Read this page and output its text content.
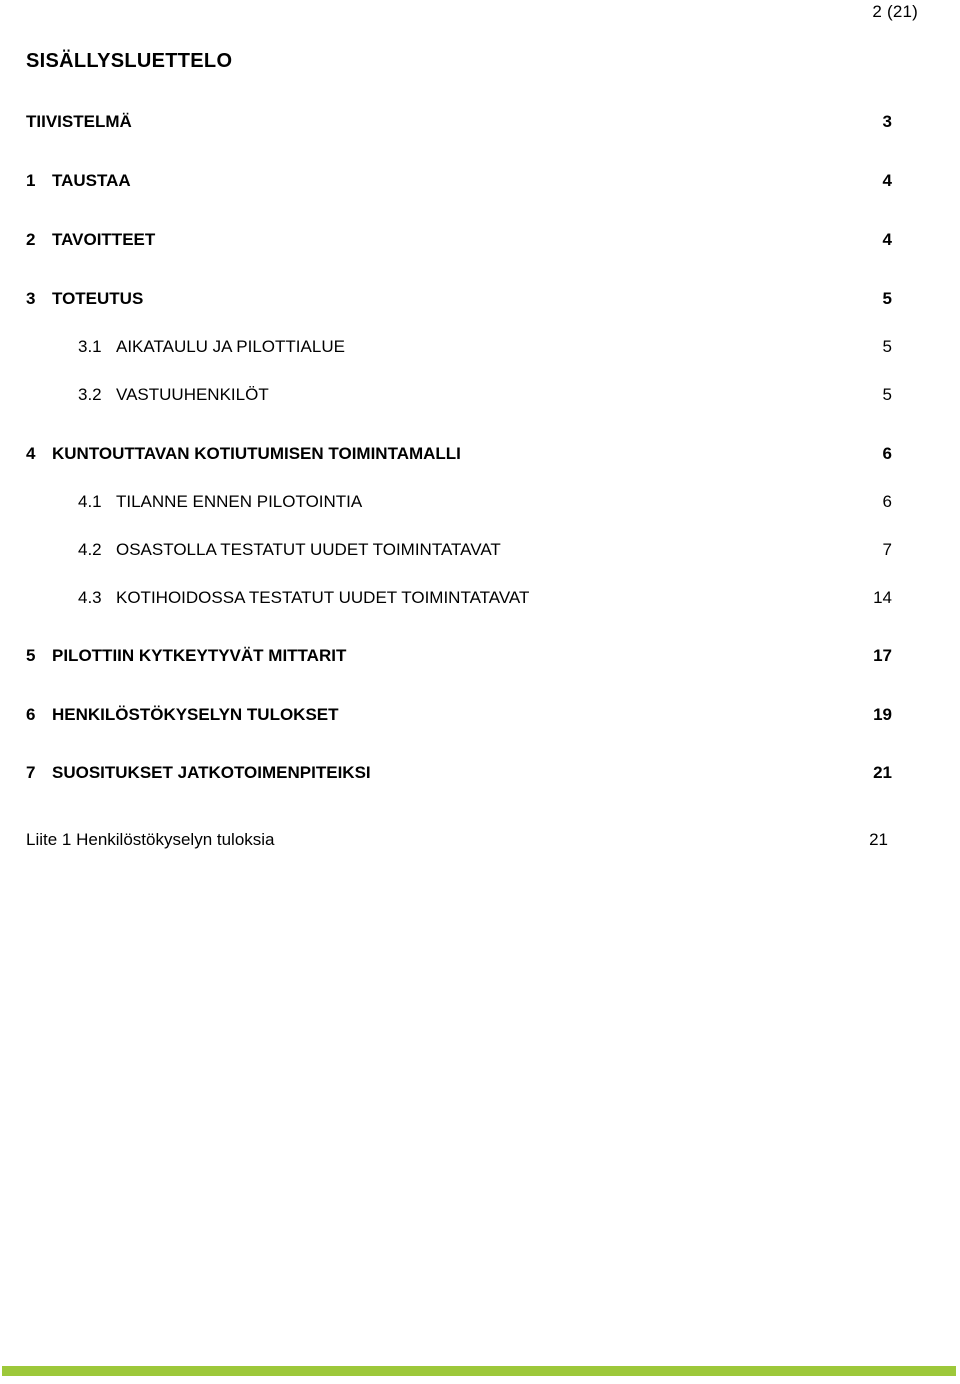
2 (21)
SISÄLLYSLUETTELO
TIIVISTELMÄ	3
1 TAUSTAA	4
2 TAVOITTEET	4
3 TOTEUTUS	5
3.1 AIKATAULU JA PILOTTIALUE	5
3.2 VASTUUHENKILÖT	5
4 KUNTOUTTAVAN KOTIUTUMISEN TOIMINTAMALLI	6
4.1 TILANNE ENNEN PILOTOINTIA	6
4.2 OSASTOLLA TESTATUT UUDET TOIMINTATAVAT	7
4.3 KOTIHOIDOSSA TESTATUT UUDET TOIMINTATAVAT	14
5 PILOTTIIN KYTKEYTYVÄT MITTARIT	17
6 HENKILÖSTÖKYSELYN TULOKSET	19
7 SUOSITUKSET JATKOTOIMENPITEIKSI	21
Liite 1 Henkilöstökyselyn tuloksia	21
